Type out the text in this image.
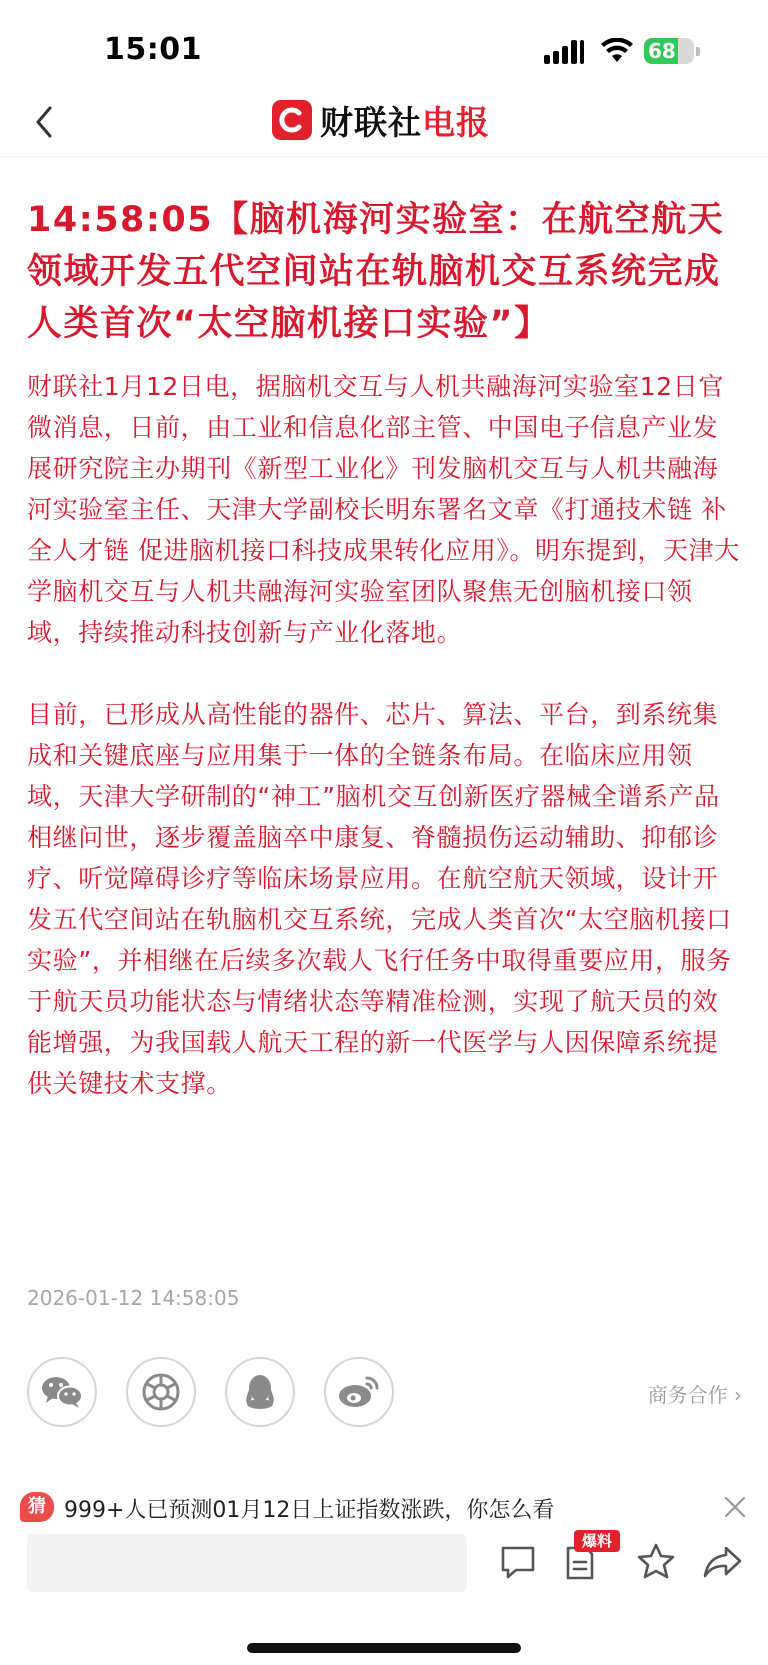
15:01	68
财联社 电报
14:58:05【脑机海河实验室：在航空航天领域开发五代空间站在轨脑机交互系统完成人类首次“太空脑机接口实验”】

财联社1月12日电，据脑机交互与人机共融海河实验室12日官微消息，日前，由工业和信息化部主管、中国电子信息产业发展研究院主办期刊《新型工业化》刊发脑机交互与人机共融海河实验室主任、天津大学副校长明东署名文章《打通技术链 补全人才链 促进脑机接口科技成果转化应用》。明东提到，天津大学脑机交互与人机共融海河实验室团队聚焦无创脑机接口领域，持续推动科技创新与产业化落地。

目前，已形成从高性能的器件、芯片、算法、平台，到系统集成和关键底座与应用集于一体的全链条布局。在临床应用领域，天津大学研制的“神工”脑机交互创新医疗器械全谱系产品相继问世，逐步覆盖脑卒中康复、脊髓损伤运动辅助、抑郁诊疗、听觉障碍诊疗等临床场景应用。在航空航天领域，设计开发五代空间站在轨脑机交互系统，完成人类首次“太空脑机接口实验”，并相继在后续多次载人飞行任务中取得重要应用，服务于航天员功能状态与情绪状态等精准检测，实现了航天员的效能增强，为我国载人航天工程的新一代医学与人因保障系统提供关键技术支撑。

2026-01-12 14:58:05
商务合作 ›
猜 999+人已预测01月12日上证指数涨跌，你怎么看
爆料
